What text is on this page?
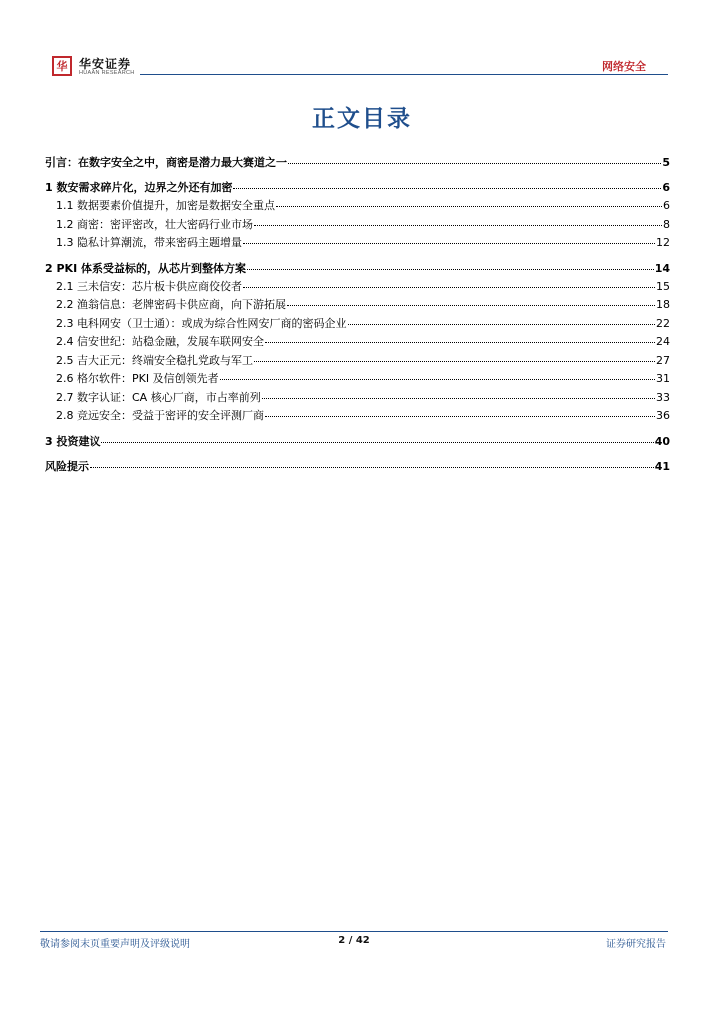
华 华安证券
HUAAN RESEARCH	网络安全
正文目录
引言：在数字安全之中，商密是潜力最大赛道之一	5
1 数安需求碎片化，边界之外还有加密	6
1.1 数据要素价值提升，加密是数据安全重点	6
1.2 商密：密评密改，壮大密码行业市场	8
1.3 隐私计算潮流，带来密码主题增量	12
2 PKI 体系受益标的，从芯片到整体方案	14
2.1 三未信安：芯片板卡供应商佼佼者	15
2.2 渔翁信息：老牌密码卡供应商，向下游拓展	18
2.3 电科网安（卫士通）：或成为综合性网安厂商的密码企业	22
2.4 信安世纪：站稳金融，发展车联网安全	24
2.5 吉大正元：终端安全稳扎党政与军工	27
2.6 格尔软件：PKI 及信创领先者	31
2.7 数字认证：CA 核心厂商，市占率前列	33
2.8 竞远安全：受益于密评的安全评测厂商	36
3 投资建议	40
风险提示	41
敬请参阅末页重要声明及评级说明	2 / 42	证券研究报告
